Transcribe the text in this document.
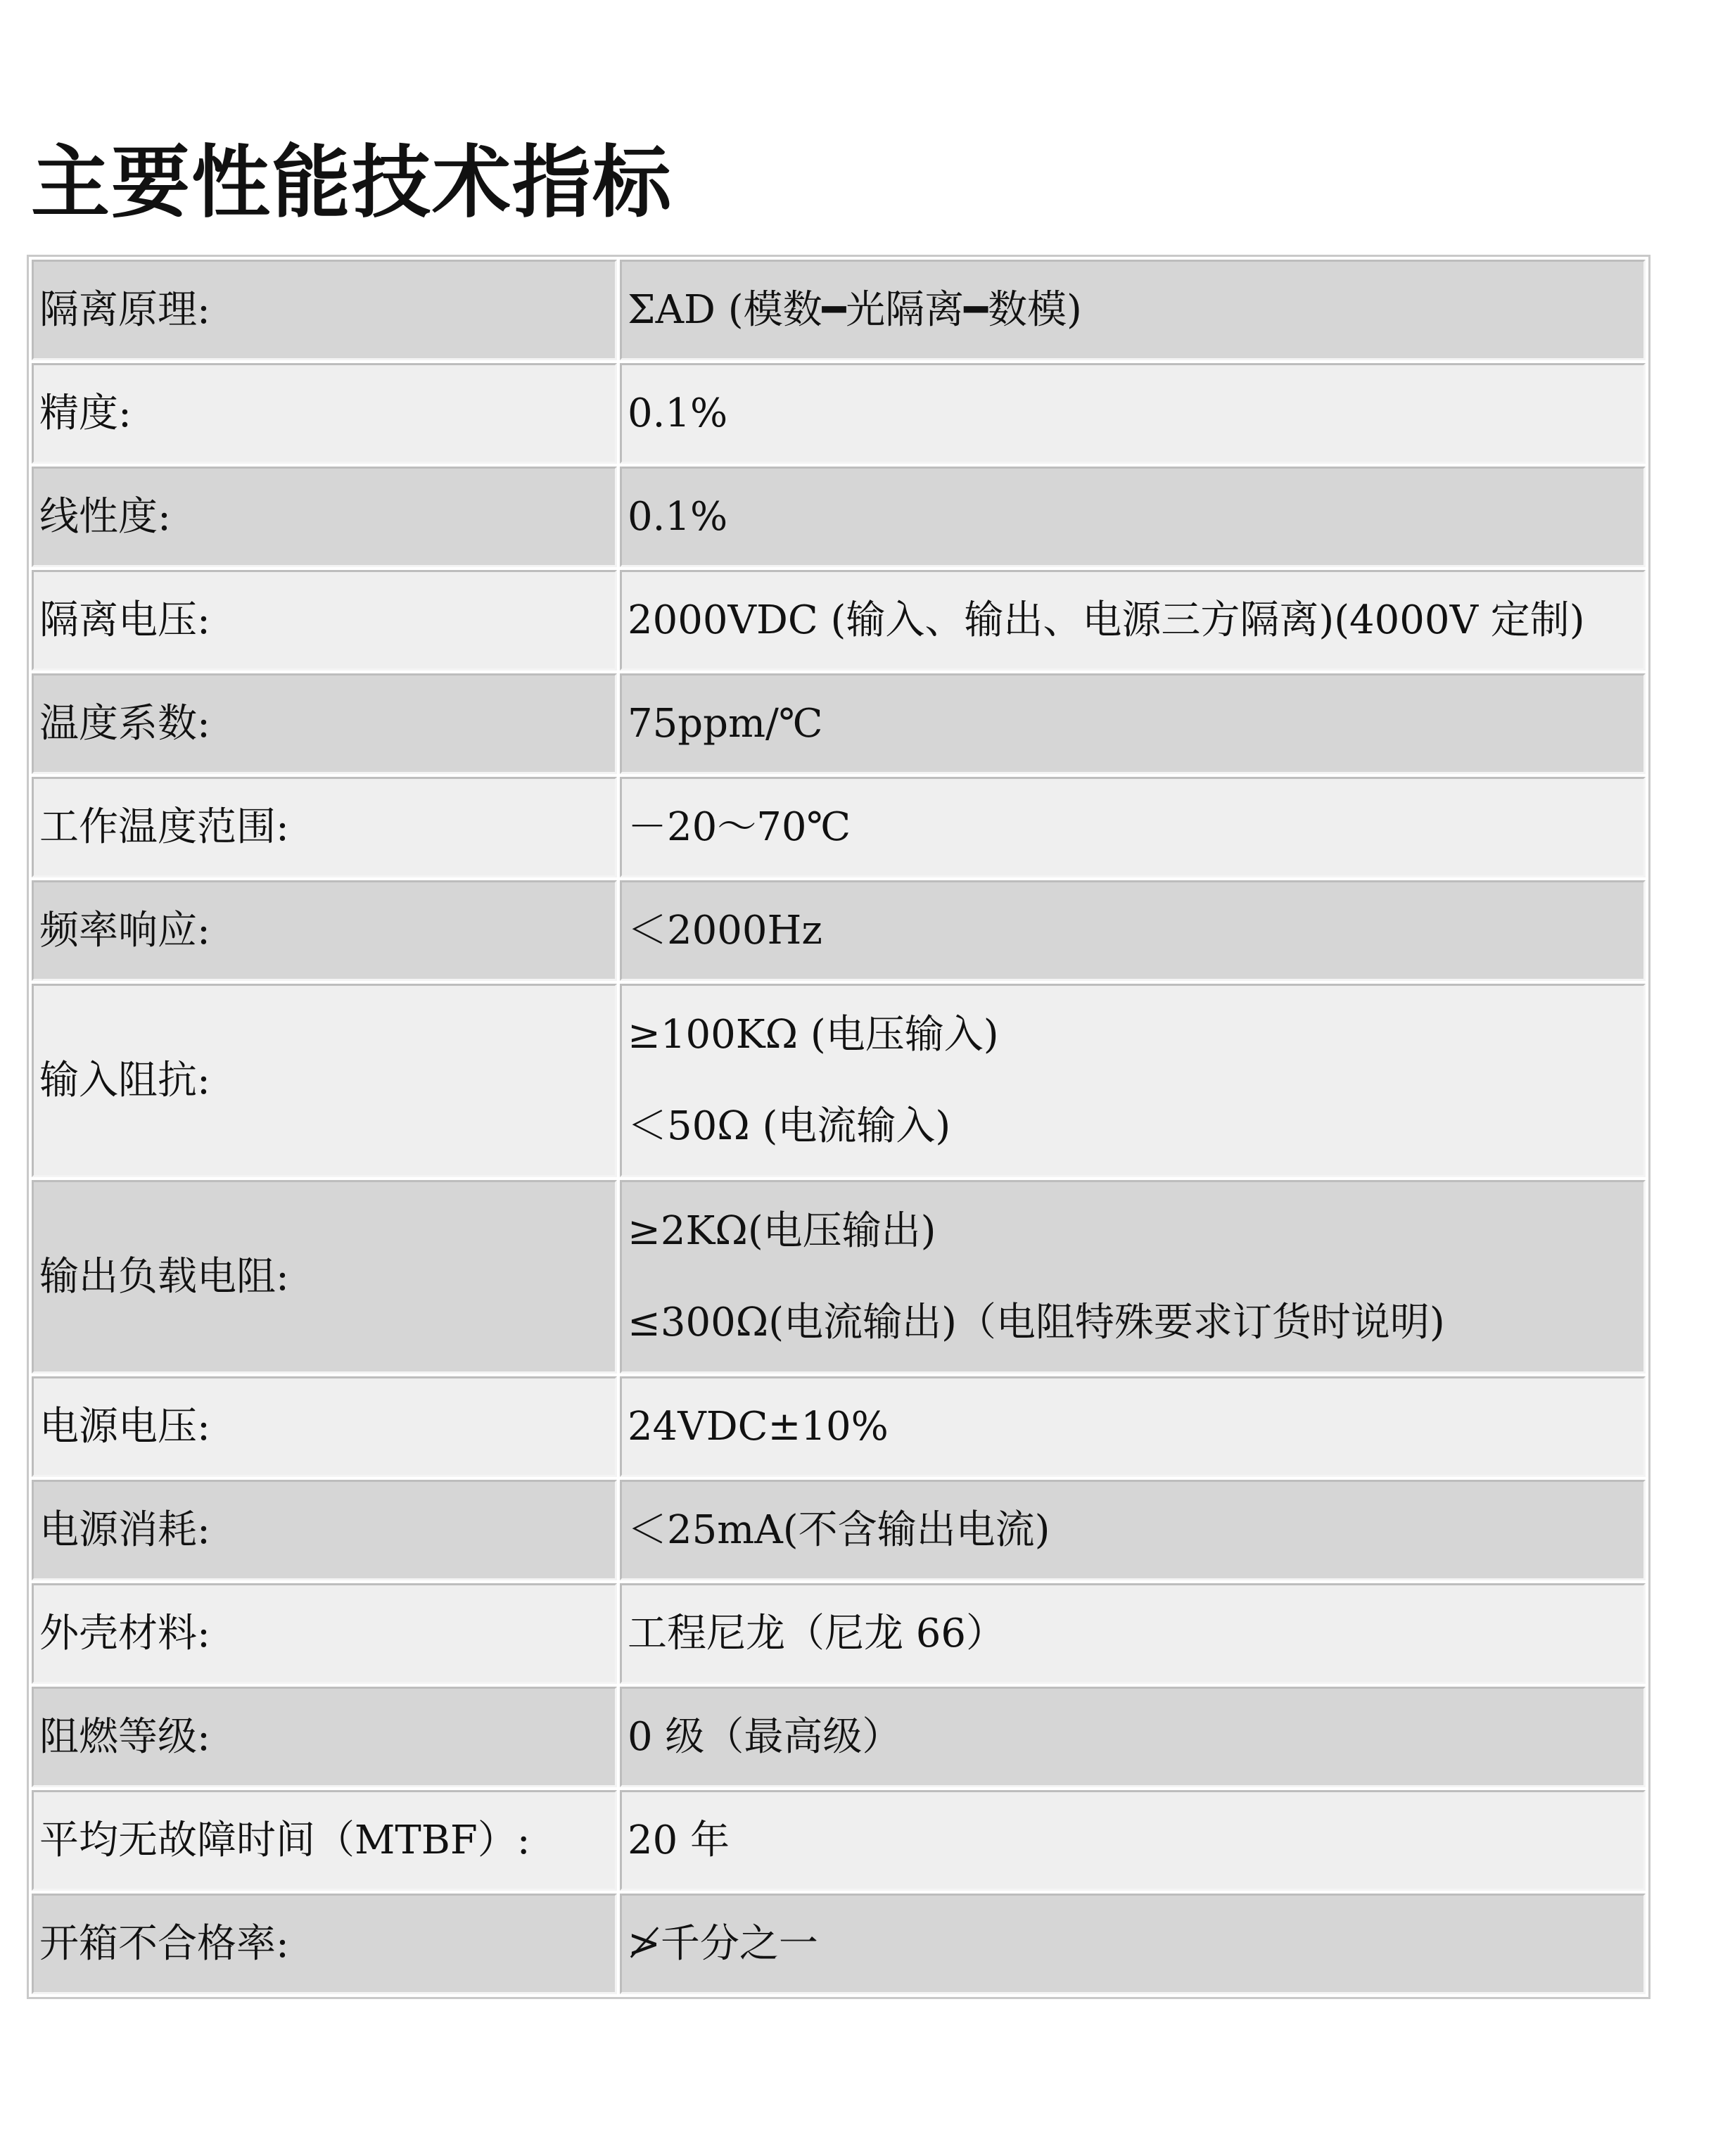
主要性能技术指标
隔离原理:	ΣAD (模数━光隔离━数模)
精度:	0.1%
线性度:	0.1%
隔离电压:	2000VDC (输入、输出、电源三方隔离)(4000V 定制)
温度系数:	75ppm/℃
工作温度范围:	－20～70℃
频率响应:	＜2000Hz
输入阻抗:	≥100KΩ (电压输入)
＜50Ω (电流输入)

输出负载电阻:	≥2KΩ(电压输出)
≤300Ω(电流输出)（电阻特殊要求订货时说明)

电源电压:	24VDC±10%
电源消耗:	＜25mA(不含输出电流)
外壳材料:	工程尼龙（尼龙 66）
阻燃等级:	0 级（最高级）
平均无故障时间（MTBF）:	20 年
开箱不合格率:	≯千分之一
